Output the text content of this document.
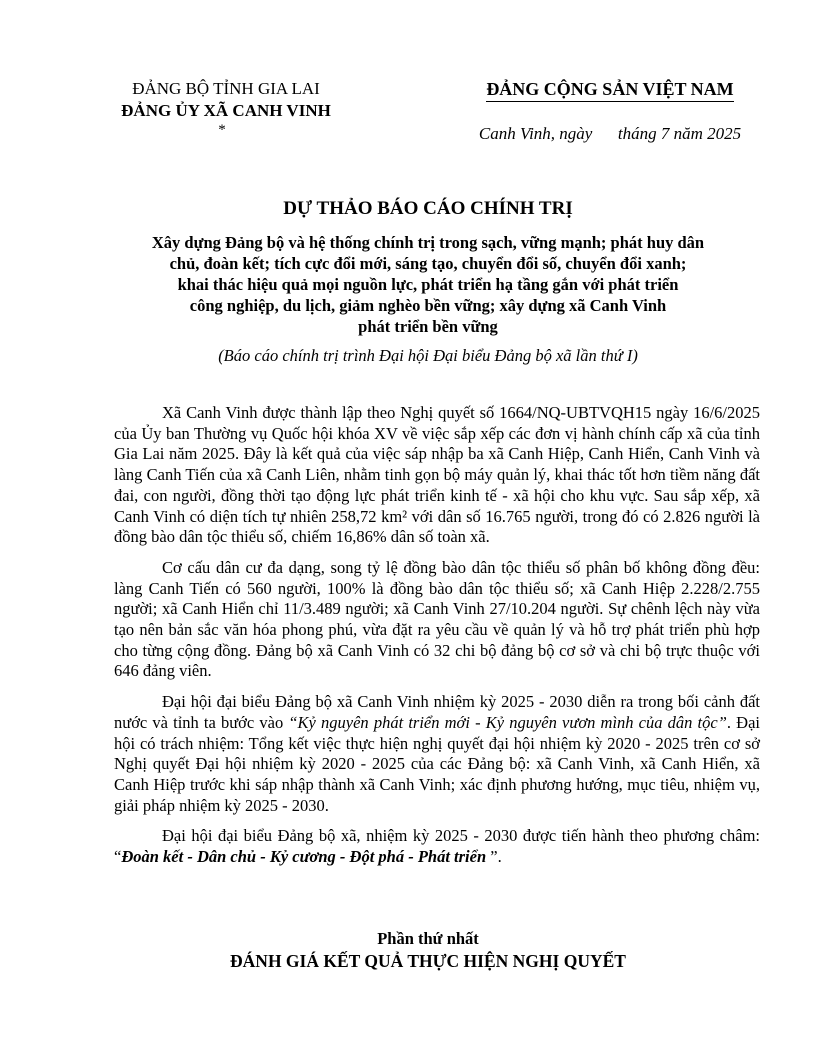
ĐẢNG BỘ TỈNH GIA LAI
ĐẢNG ỦY XÃ CANH VINH
*
ĐẢNG CỘNG SẢN VIỆT NAM
Canh Vinh, ngày      tháng 7 năm 2025
DỰ THẢO BÁO CÁO CHÍNH TRỊ
Xây dựng Đảng bộ và hệ thống chính trị trong sạch, vững mạnh; phát huy dân
chủ, đoàn kết; tích cực đổi mới, sáng tạo, chuyển đổi số, chuyển đổi xanh;
khai thác hiệu quả mọi nguồn lực, phát triển hạ tầng gắn với phát triển
công nghiệp, du lịch, giảm nghèo bền vững; xây dựng xã Canh Vinh
phát triển bền vững
(Báo cáo chính trị trình Đại hội Đại biểu Đảng bộ xã lần thứ I)

Xã Canh Vinh được thành lập theo Nghị quyết số 1664/NQ-UBTVQH15 ngày 16/6/2025 của Ủy ban Thường vụ Quốc hội khóa XV về việc sắp xếp các đơn vị hành chính cấp xã của tỉnh Gia Lai năm 2025. Đây là kết quả của việc sáp nhập ba xã Canh Hiệp, Canh Hiển, Canh Vinh và làng Canh Tiến của xã Canh Liên, nhằm tinh gọn bộ máy quản lý, khai thác tốt hơn tiềm năng đất đai, con người, đồng thời tạo động lực phát triển kinh tế - xã hội cho khu vực. Sau sắp xếp, xã Canh Vinh có diện tích tự nhiên 258,72 km² với dân số 16.765 người, trong đó có 2.826 người là đồng bào dân tộc thiểu số, chiếm 16,86% dân số toàn xã.

Cơ cấu dân cư đa dạng, song tỷ lệ đồng bào dân tộc thiểu số phân bố không đồng đều: làng Canh Tiến có 560 người, 100% là đồng bào dân tộc thiểu số; xã Canh Hiệp 2.228/2.755 người; xã Canh Hiển chỉ 11/3.489 người; xã Canh Vinh 27/10.204 người. Sự chênh lệch này vừa tạo nên bản sắc văn hóa phong phú, vừa đặt ra yêu cầu về quản lý và hỗ trợ phát triển phù hợp cho từng cộng đồng. Đảng bộ xã Canh Vinh có 32 chi bộ đảng bộ cơ sở và chi bộ trực thuộc với 646 đảng viên.

Đại hội đại biểu Đảng bộ xã Canh Vinh nhiệm kỳ 2025 - 2030 diễn ra trong bối cảnh đất nước và tỉnh ta bước vào “Kỷ nguyên phát triển mới - Kỷ nguyên vươn mình của dân tộc”. Đại hội có trách nhiệm: Tổng kết việc thực hiện nghị quyết đại hội nhiệm kỳ 2020 - 2025 trên cơ sở Nghị quyết Đại hội nhiệm kỳ 2020 - 2025 của các Đảng bộ: xã Canh Vinh, xã Canh Hiển, xã Canh Hiệp trước khi sáp nhập thành xã Canh Vinh; xác định phương hướng, mục tiêu, nhiệm vụ, giải pháp nhiệm kỳ 2025 - 2030.

Đại hội đại biểu Đảng bộ xã, nhiệm kỳ 2025 - 2030 được tiến hành theo phương châm: “Đoàn kết - Dân chủ - Kỷ cương - Đột phá - Phát triển ”.

Phần thứ nhất
ĐÁNH GIÁ KẾT QUẢ THỰC HIỆN NGHỊ QUYẾT
